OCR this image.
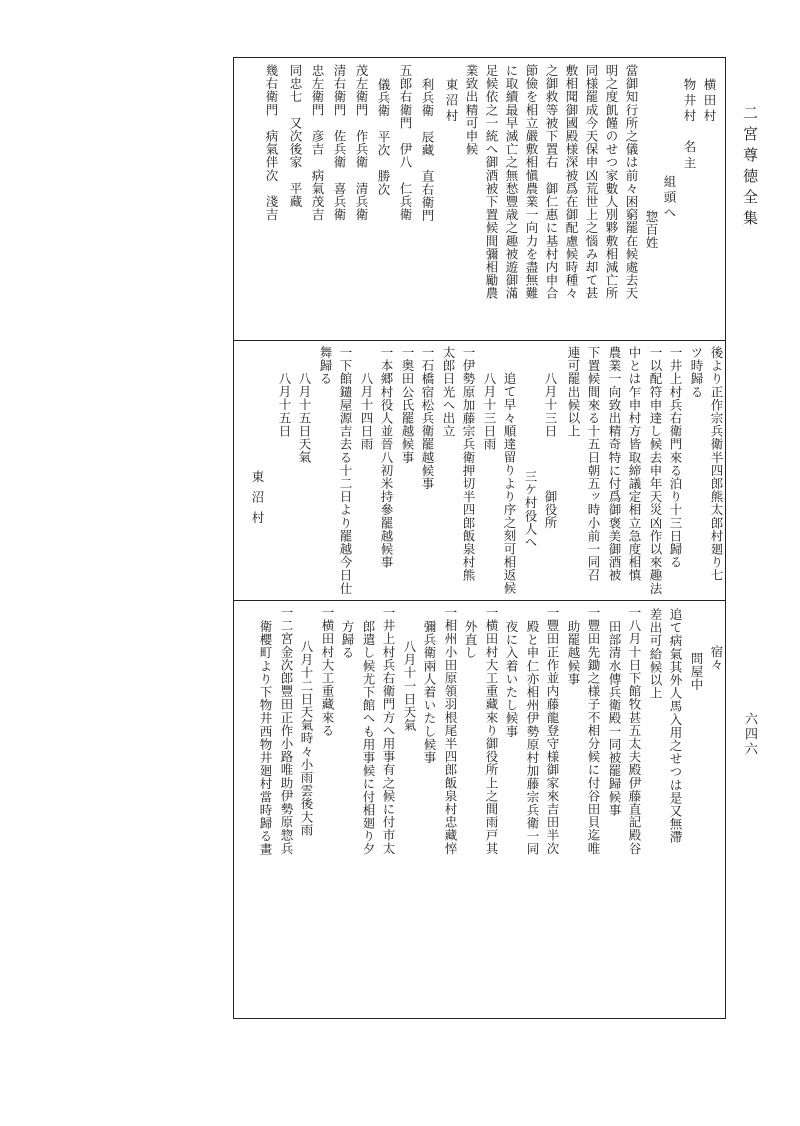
二宮尊徳全集
六四六
宿々
問屋中
追て病氣其外人馬入用之せつは是又無滯
差出可給候以上
一八月十日下館牧甚五太夫殿伊藤直記殿谷
田部清水傳兵衛殿一同被罷歸候事
一豐田先鋤之様子不相分候に付谷田貝迄唯
助罷越候事
一豐田正作並内藤龍登守様御家來吉田半次
殿と申仁亦相州伊勢原村加藤宗兵衛一同
夜に入着いたし候事
一横田村大工重藏來り御役所上之間雨戸其
外直し
一相州小田原領羽根尾半四郎飯泉村忠藏悴
彌兵衛兩人着いたし候事
八月十一日天氣
一井上村兵右衛門方へ用事有之候に付市太
郎遣し候尤下館へも用事候に付相廻り夕
方歸る
一横田村大工重藏來る
八月十二日天氣時々小雨雲後大雨
一二宮金次郎豐田正作小路唯助伊勢原惣兵
衛櫻町より下物井西物井廻村當時歸る畫
後より正作宗兵衛半四郎熊太郎村廻り七
ツ時歸る
一井上村兵右衛門來る泊り十三日歸る
一以配符申達し候去申年天災凶作以來趣法
中とは乍申村方皆取締議定相立急度相慎
農業一向致出精奇特に付爲御褒美御酒被
下置候間來る十五日朝五ッ時小前一同召
連可罷出候以上
八月十三日　　　　御役所
三ケ村役人へ
追て早々順達留りより序之刻可相返候
八月十三日雨
一伊勢原加藤宗兵衛押切半四郎飯泉村熊
太郎日光へ出立
一石橋宿松兵衛罷越候事
一奥田公氏罷越候事
一本郷村役人並晉八初米持參罷越候事
八月十四日雨
一下館鑓屋源吉去る十二日より罷越今日仕
舞歸る
八月十五日天氣
八月十五日
東沼村
横田村
物井村
名主
組頭へ
惣百姓
當御知行所之儀は前々困窮罷在候處去天
明之度飢饉のせつ家數人別夥敷相減亡所
同様罷成今天保申凶荒世上之惱み却て甚
敷相聞御國殿様深被爲在御配慮候時種々
之御救等被下置右　御仁惠に基村内申合
節儉を相立嚴敷相愼農業一向力を盡無難
に取續最早滅亡之無愁豐歳之趣被遊御滿
足候依之一統へ御酒被下置候間彌相勵農
業致出精可申候
東沼村
利兵衛　辰藏　直右衛門
五郎右衛門　伊八　仁兵衛
儀兵衛　平次　勝次
茂左衛門　作兵衛　清兵衛
清右衛門　佐兵衛　喜兵衛
忠左衛門　彦吉　病氣茂吉
同忠七　又次後家　平藏
幾右衛門　病氣伴次　淺吉
